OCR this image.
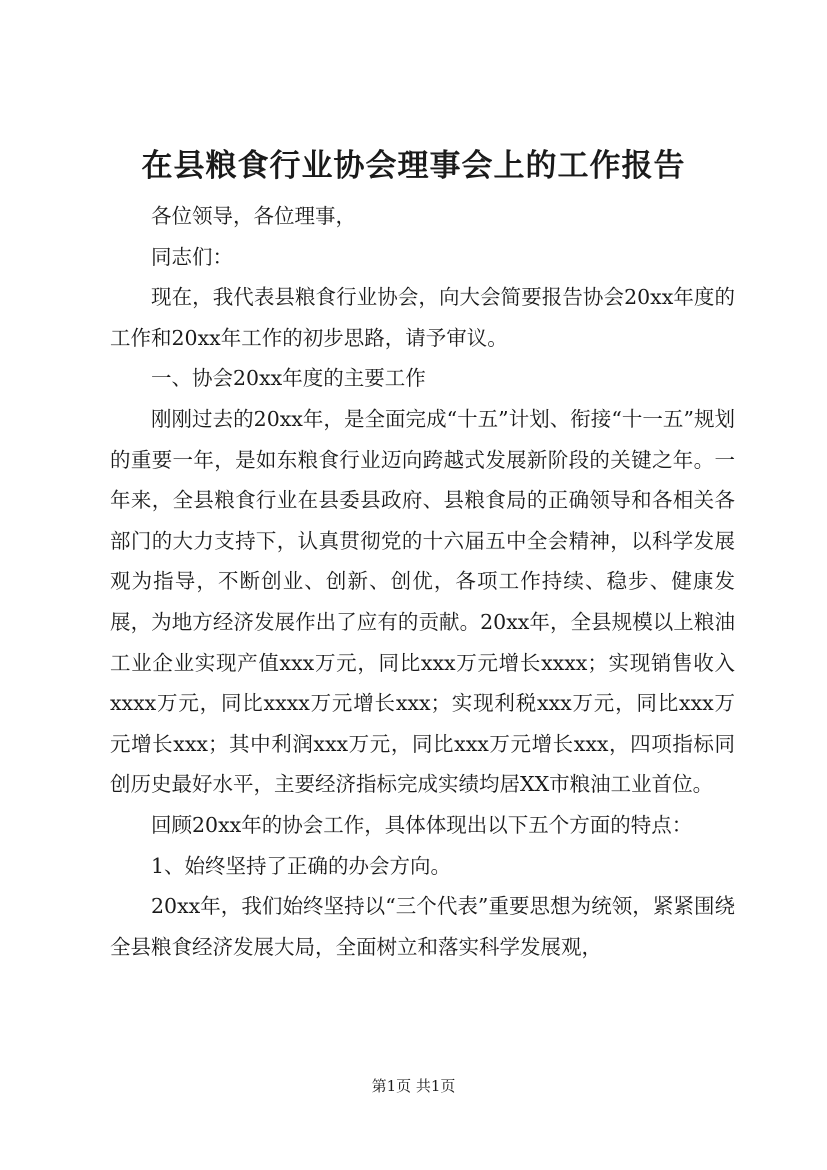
在县粮食行业协会理事会上的工作报告

各位领导，各位理事，

同志们：

现在，我代表县粮食行业协会，向大会简要报告协会20xx年度的工作和20xx年工作的初步思路，请予审议。

一、协会20xx年度的主要工作

刚刚过去的20xx年，是全面完成“十五”计划、衔接“十一五”规划的重要一年，是如东粮食行业迈向跨越式发展新阶段的关键之年。一年来，全县粮食行业在县委县政府、县粮食局的正确领导和各相关各部门的大力支持下，认真贯彻党的十六届五中全会精神，以科学发展观为指导，不断创业、创新、创优，各项工作持续、稳步、健康发展，为地方经济发展作出了应有的贡献。20xx年，全县规模以上粮油工业企业实现产值xxx万元，同比xxx万元增长xxxx；实现销售收入xxxx万元，同比xxxx万元增长xxx；实现利税xxx万元，同比xxx万元增长xxx；其中利润xxx万元，同比xxx万元增长xxx，四项指标同创历史最好水平，主要经济指标完成实绩均居XX市粮油工业首位。

回顾20xx年的协会工作，具体体现出以下五个方面的特点：

1、始终坚持了正确的办会方向。

20xx年，我们始终坚持以“三个代表”重要思想为统领，紧紧围绕全县粮食经济发展大局，全面树立和落实科学发展观，

第1页 共1页
